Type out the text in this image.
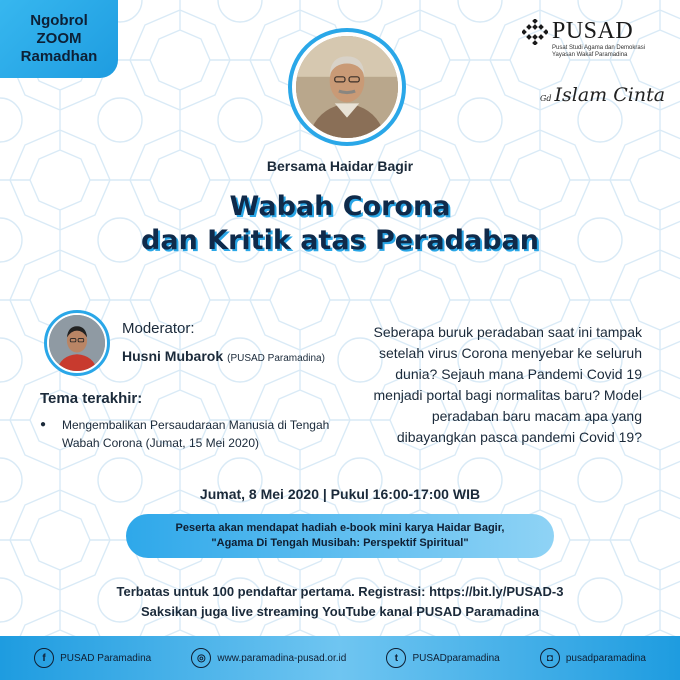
Ngobrol
ZOOM
Ramadhan
PUSAD
Pusat Studi Agama dan Demokrasi
Yayasan Wakaf Paramadina
Gd Islam Cinta
Bersama Haidar Bagir
Wabah Corona
dan Kritik atas Peradaban
Moderator:
Husni Mubarok (PUSAD Paramadina)
Tema terakhir:
●	Mengembalikan Persaudaraan Manusia di Tengah Wabah Corona (Jumat, 15 Mei 2020)
Seberapa buruk peradaban saat ini tampak setelah virus Corona menyebar ke seluruh dunia? Sejauh mana Pandemi Covid 19 menjadi portal bagi normalitas baru? Model peradaban baru macam apa yang dibayangkan pasca pandemi Covid 19?
Jumat, 8 Mei 2020 | Pukul 16:00-17:00 WIB
Peserta akan mendapat hadiah e-book mini karya Haidar Bagir,
"Agama Di Tengah Musibah: Perspektif Spiritual"
Terbatas untuk 100 pendaftar pertama. Registrasi: https://bit.ly/PUSAD-3
Saksikan juga live streaming YouTube kanal PUSAD Paramadina
f	PUSAD Paramadina	◎	www.paramadina-pusad.or.id	t	PUSADparamadina	◘	pusadparamadina
